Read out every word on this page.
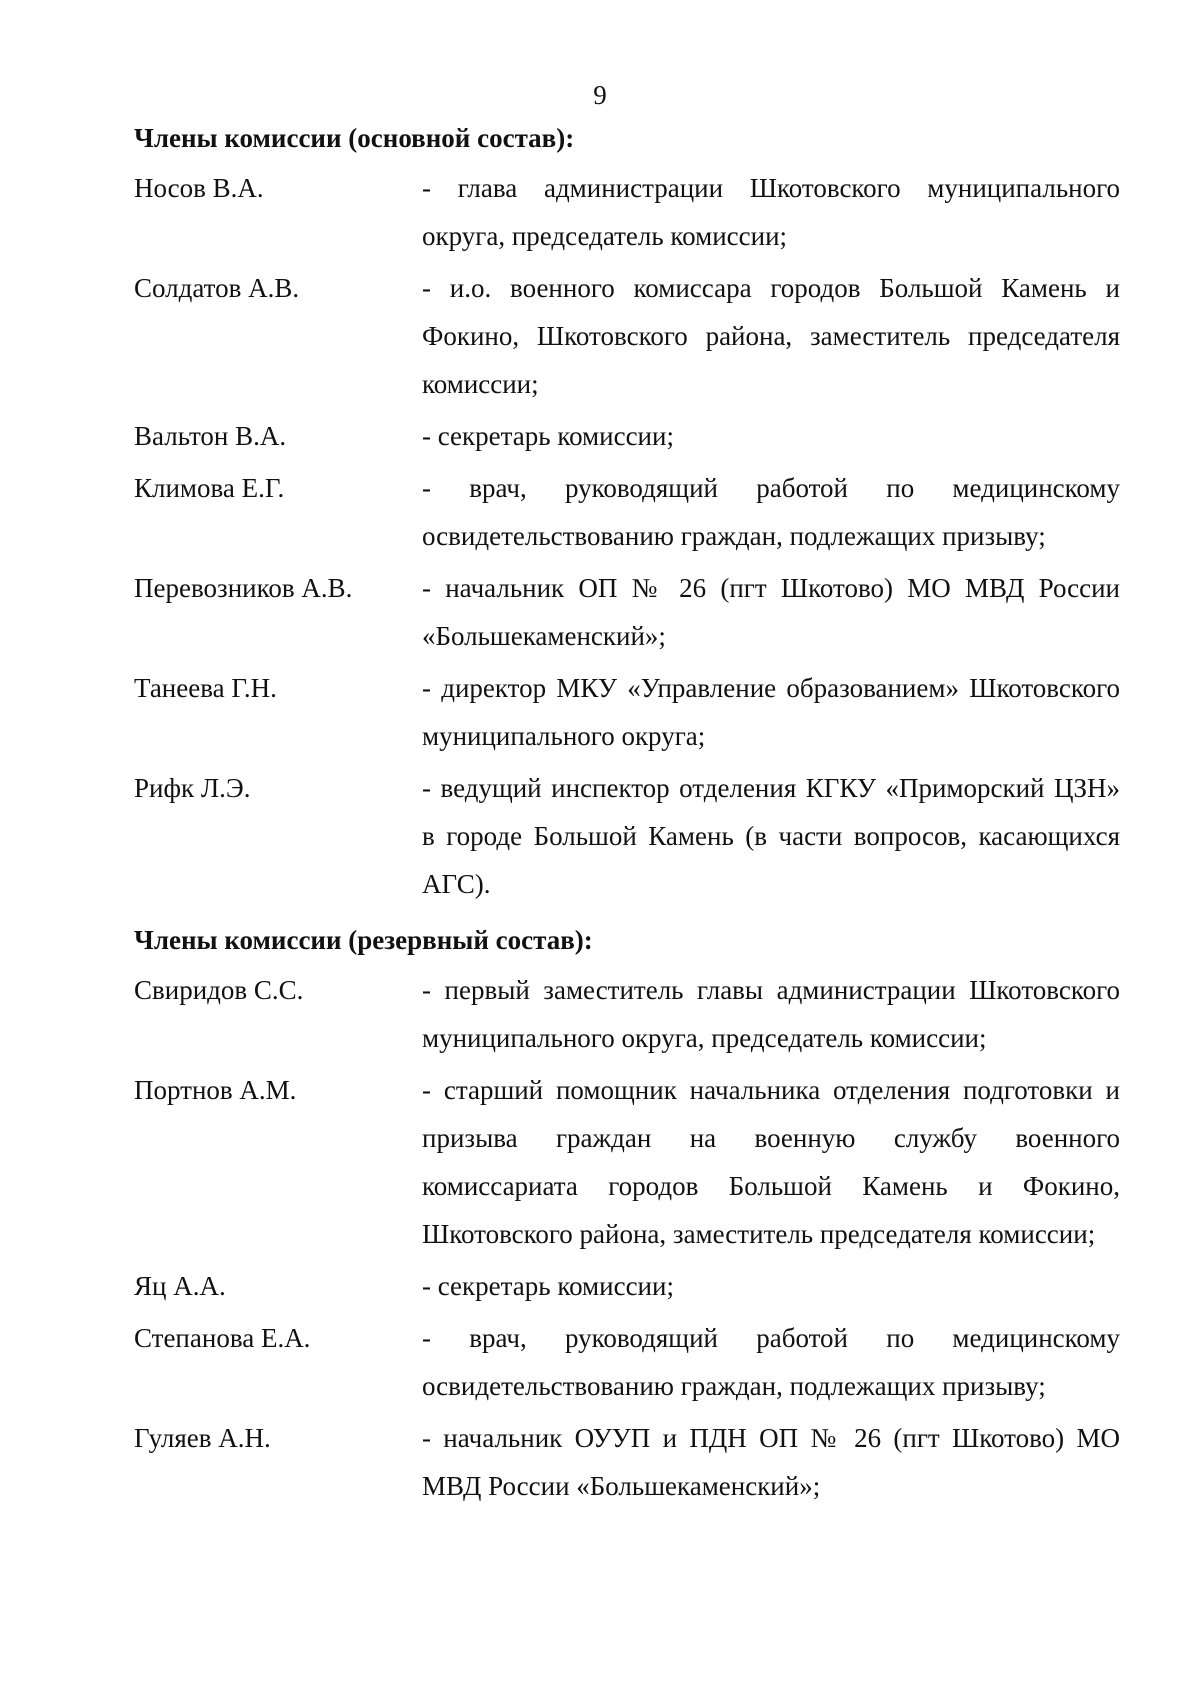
9
Члены комиссии (основной состав):
Носов В.А.	- глава администрации Шкотовского муниципального округа, председатель комиссии;
Солдатов А.В.	- и.о. военного комиссара городов Большой Камень и Фокино, Шкотовского района, заместитель председателя комиссии;
Вальтон В.А.	- секретарь комиссии;
Климова Е.Г.	- врач, руководящий работой по медицинскому освидетельствованию граждан, подлежащих призыву;
Перевозников А.В.	- начальник ОП № 26 (пгт Шкотово) МО МВД России «Большекаменский»;
Танеева Г.Н.	- директор МКУ «Управление образованием» Шкотовского муниципального округа;
Рифк Л.Э.	- ведущий инспектор отделения КГКУ «Приморский ЦЗН» в городе Большой Камень (в части вопросов, касающихся АГС).
Члены комиссии (резервный состав):
Свиридов С.С.	- первый заместитель главы администрации Шкотовского муниципального округа, председатель комиссии;
Портнов А.М.	- старший помощник начальника отделения подготовки и призыва граждан на военную службу военного комиссариата городов Большой Камень и Фокино, Шкотовского района, заместитель председателя комиссии;
Яц А.А.	- секретарь комиссии;
Степанова Е.А.	- врач, руководящий работой по медицинскому освидетельствованию граждан, подлежащих призыву;
Гуляев А.Н.	- начальник ОУУП и ПДН ОП № 26 (пгт Шкотово) МО МВД России «Большекаменский»;
